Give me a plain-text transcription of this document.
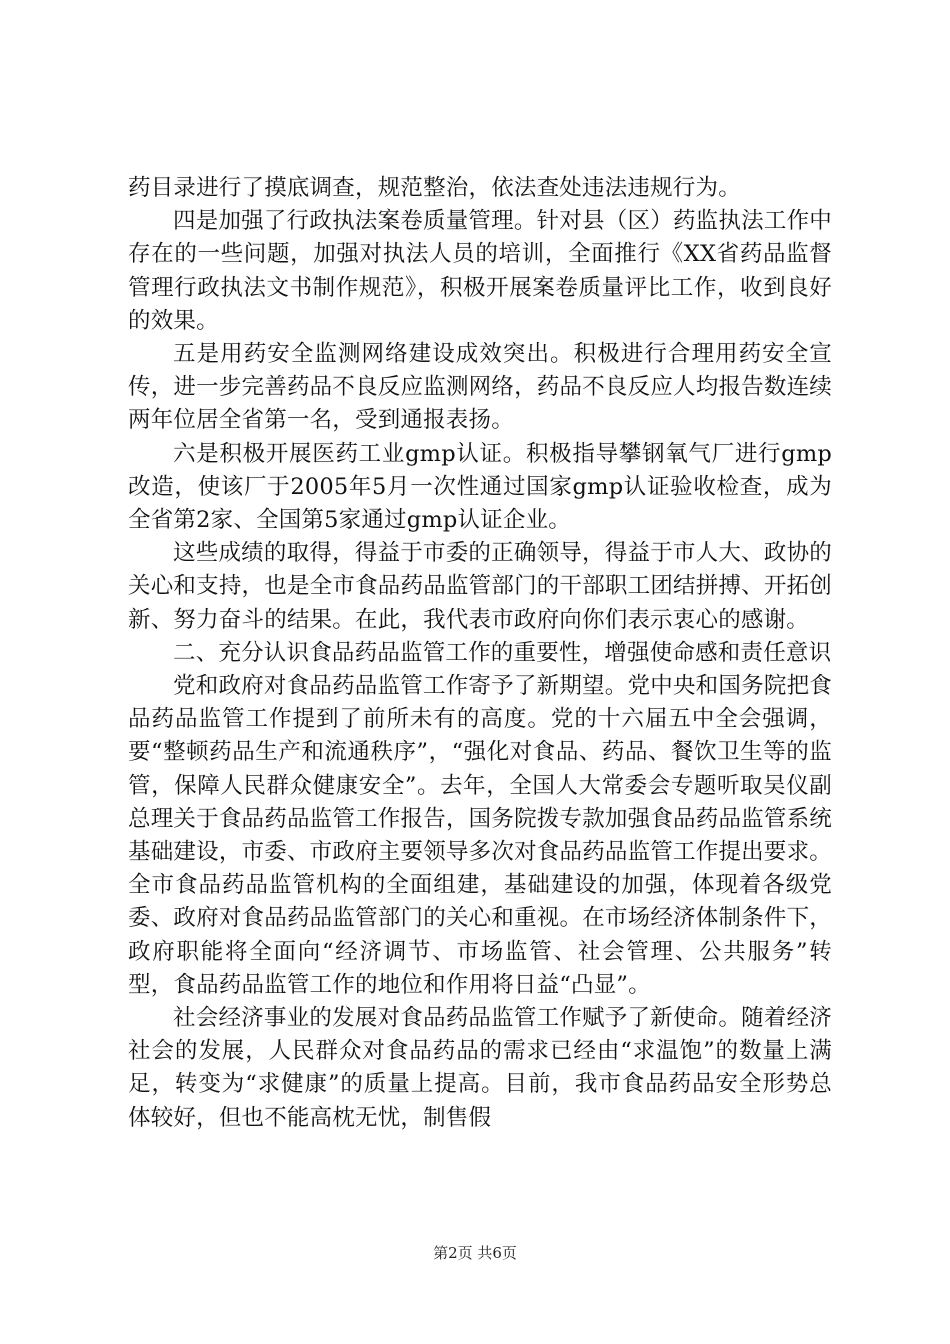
药目录进行了摸底调查，规范整治，依法查处违法违规行为。

四是加强了行政执法案卷质量管理。针对县（区）药监执法工作中存在的一些问题，加强对执法人员的培训，全面推行《XX省药品监督管理行政执法文书制作规范》，积极开展案卷质量评比工作，收到良好的效果。

五是用药安全监测网络建设成效突出。积极进行合理用药安全宣传，进一步完善药品不良反应监测网络，药品不良反应人均报告数连续两年位居全省第一名，受到通报表扬。

六是积极开展医药工业gmp认证。积极指导攀钢氧气厂进行gmp改造，使该厂于2005年5月一次性通过国家gmp认证验收检查，成为全省第2家、全国第5家通过gmp认证企业。

这些成绩的取得，得益于市委的正确领导，得益于市人大、政协的关心和支持，也是全市食品药品监管部门的干部职工团结拼搏、开拓创新、努力奋斗的结果。在此，我代表市政府向你们表示衷心的感谢。

二、充分认识食品药品监管工作的重要性，增强使命感和责任意识

党和政府对食品药品监管工作寄予了新期望。党中央和国务院把食品药品监管工作提到了前所未有的高度。党的十六届五中全会强调，要“整顿药品生产和流通秩序”，“强化对食品、药品、餐饮卫生等的监管，保障人民群众健康安全”。去年，全国人大常委会专题听取吴仪副总理关于食品药品监管工作报告，国务院拨专款加强食品药品监管系统基础建设，市委、市政府主要领导多次对食品药品监管工作提出要求。全市食品药品监管机构的全面组建，基础建设的加强，体现着各级党委、政府对食品药品监管部门的关心和重视。在市场经济体制条件下，政府职能将全面向“经济调节、市场监管、社会管理、公共服务”转型，食品药品监管工作的地位和作用将日益“凸显”。

社会经济事业的发展对食品药品监管工作赋予了新使命。随着经济社会的发展，人民群众对食品药品的需求已经由“求温饱”的数量上满足，转变为“求健康”的质量上提高。目前，我市食品药品安全形势总体较好，但也不能高枕无忧，制售假

第2页 共6页
